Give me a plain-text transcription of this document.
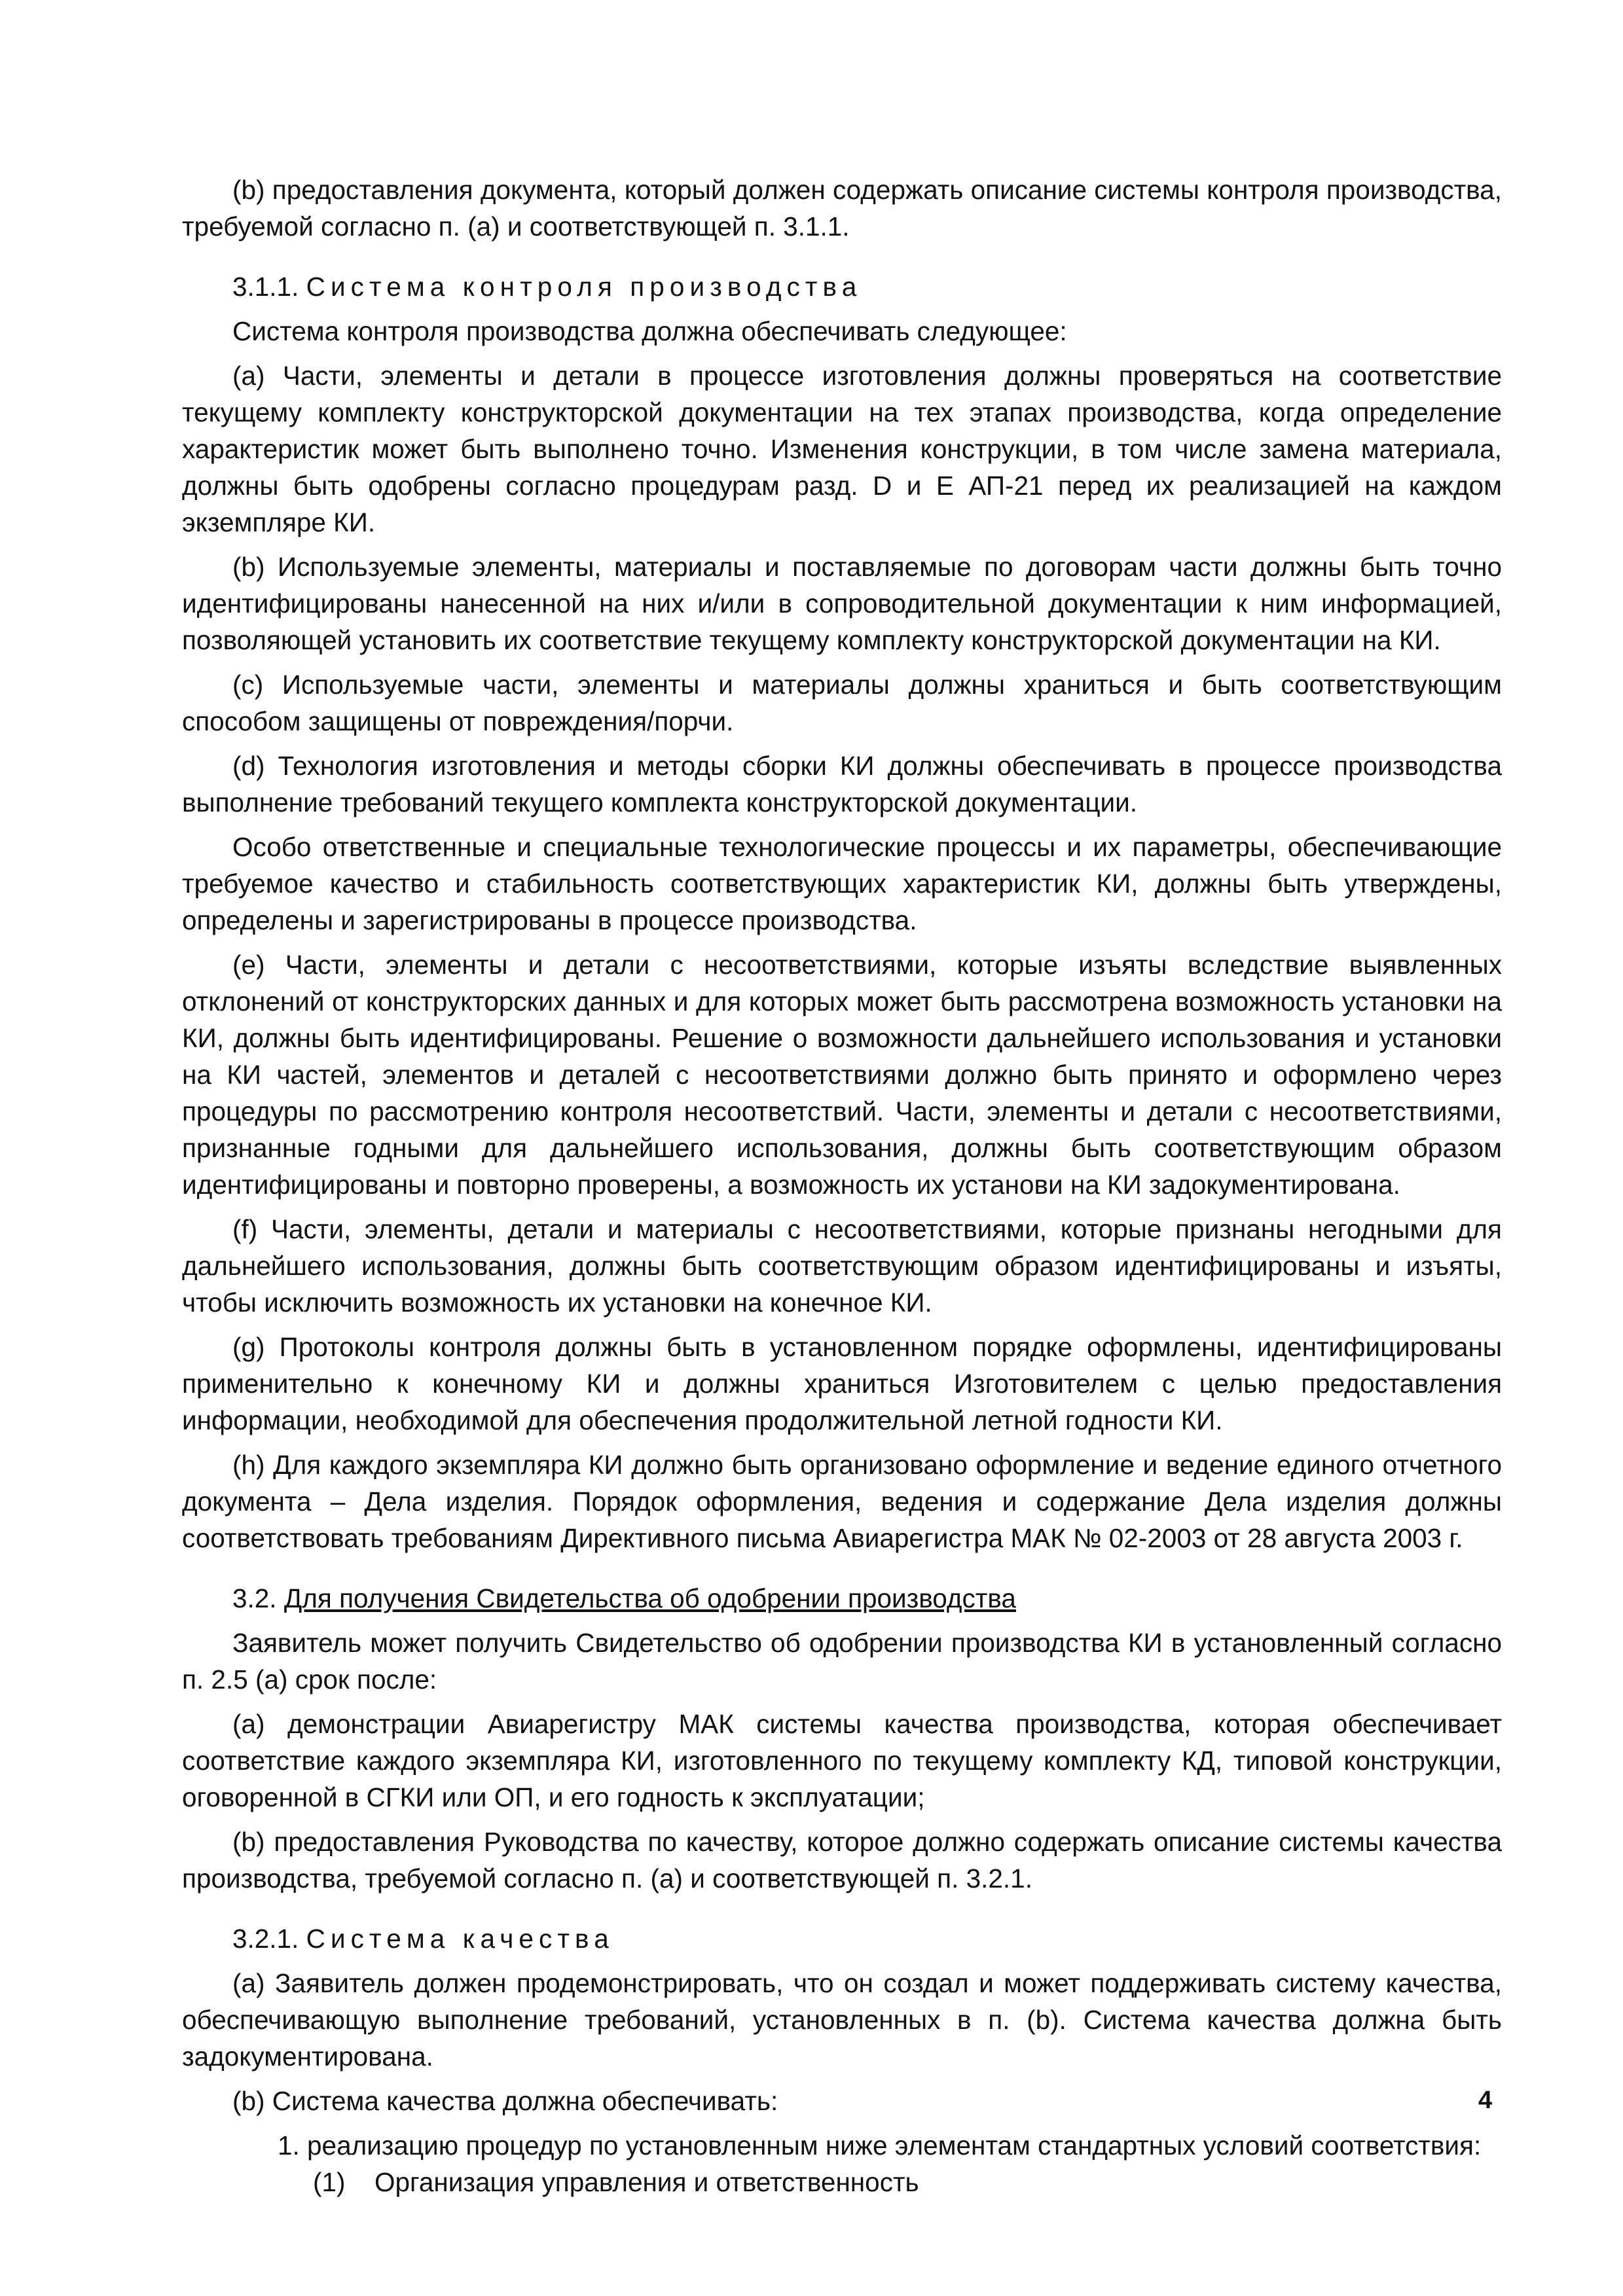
(b) предоставления документа, который должен содержать описание системы контроля производства, требуемой согласно п. (а) и соответствующей п. 3.1.1.

3.1.1. Система контроля производства

Система контроля производства должна обеспечивать следующее:

(a) Части, элементы и детали в процессе изготовления должны проверяться на соответствие текущему комплекту конструкторской документации на тех этапах производства, когда определение характеристик может быть выполнено точно. Изменения конструкции, в том числе замена материала, должны быть одобрены согласно процедурам разд. D и E АП-21 перед их реализацией на каждом экземпляре КИ.

(b) Используемые элементы, материалы и поставляемые по договорам части должны быть точно идентифицированы нанесенной на них и/или в сопроводительной документации к ним информацией, позволяющей установить их соответствие текущему комплекту конструкторской документации на КИ.

(c) Используемые части, элементы и материалы должны храниться и быть соответствующим способом защищены от повреждения/порчи.

(d) Технология изготовления и методы сборки КИ должны обеспечивать в процессе производства выполнение требований текущего комплекта конструкторской документации.

Особо ответственные и специальные технологические процессы и их параметры, обеспечивающие требуемое качество и стабильность соответствующих характеристик КИ, должны быть утверждены, определены и зарегистрированы в процессе производства.

(e) Части, элементы и детали с несоответствиями, которые изъяты вследствие выявленных отклонений от конструкторских данных и для которых может быть рассмотрена возможность установки на КИ, должны быть идентифицированы. Решение о возможности дальнейшего использования и установки на КИ частей, элементов и деталей с несоответствиями должно быть принято и оформлено через процедуры по рассмотрению контроля несоответствий. Части, элементы и детали с несоответствиями, признанные годными для дальнейшего использования, должны быть соответствующим образом идентифицированы и повторно проверены, а возможность их установи на КИ задокументирована.

(f) Части, элементы, детали и материалы с несоответствиями, которые признаны негодными для дальнейшего использования, должны быть соответствующим образом идентифицированы и изъяты, чтобы исключить возможность их установки на конечное КИ.

(g) Протоколы контроля должны быть в установленном порядке оформлены, идентифицированы применительно к конечному КИ и должны храниться Изготовителем с целью предоставления информации, необходимой для обеспечения продолжительной летной годности КИ.

(h) Для каждого экземпляра КИ должно быть организовано оформление и ведение единого отчетного документа – Дела изделия. Порядок оформления, ведения и содержание Дела изделия должны соответствовать требованиям Директивного письма Авиарегистра МАК № 02-2003 от 28 августа 2003 г.

3.2. Для получения Свидетельства об одобрении производства

Заявитель может получить Свидетельство об одобрении производства КИ в установленный согласно п. 2.5 (а) срок после:

(a) демонстрации Авиарегистру МАК системы качества производства, которая обеспечивает соответствие каждого экземпляра КИ, изготовленного по текущему комплекту КД, типовой конструкции, оговоренной в СГКИ или ОП, и его годность к эксплуатации;

(b) предоставления Руководства по качеству, которое должно содержать описание системы качества производства, требуемой согласно п. (а) и соответствующей п. 3.2.1.

3.2.1. Система качества

(a) Заявитель должен продемонстрировать, что он создал и может поддерживать систему качества, обеспечивающую выполнение требований, установленных в п. (b). Система качества должна быть задокументирована.

(b) Система качества должна обеспечивать:

1. реализацию процедур по установленным ниже элементам стандартных условий соответствия:

(1) Организация управления и ответственность

4
